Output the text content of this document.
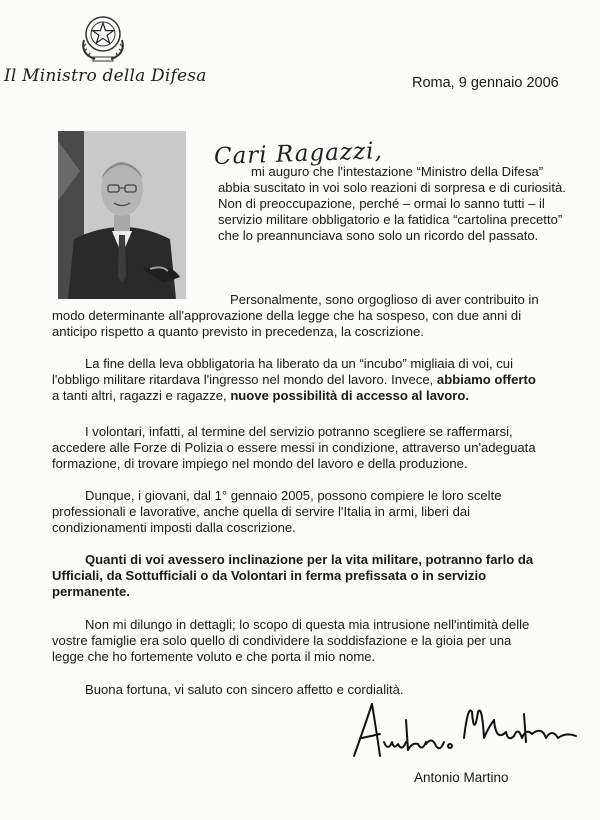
Il Ministro della Difesa	Roma, 9 gennaio 2006
Cari Ragazzi,

mi auguro che l'intestazione “Ministro della Difesa”

abbia suscitato in voi solo reazioni di sorpresa e di curiosità.

Non di preoccupazione, perché – ormai lo sanno tutti – il

servizio militare obbligatorio e la fatidica “cartolina precetto”

che lo preannunciava sono solo un ricordo del passato.

Personalmente, sono orgoglioso di aver contribuito in

modo determinante all'approvazione della legge che ha sospeso, con due anni di

anticipo rispetto a quanto previsto in precedenza, la coscrizione.

La fine della leva obbligatoria ha liberato da un “incubo” migliaia di voi, cui

l'obbligo militare ritardava l'ingresso nel mondo del lavoro. Invece, abbiamo offerto

a tanti altri, ragazzi e ragazze, nuove possibilità di accesso al lavoro.

I volontari, infatti, al termine del servizio potranno scegliere se raffermarsi,

accedere alle Forze di Polizia o essere messi in condizione, attraverso un'adeguata

formazione, di trovare impiego nel mondo del lavoro e della produzione.

Dunque, i giovani, dal 1° gennaio 2005, possono compiere le loro scelte

professionali e lavorative, anche quella di servire l'Italia in armi, liberi dai

condizionamenti imposti dalla coscrizione.

Quanti di voi avessero inclinazione per la vita militare, potranno farlo da

Ufficiali, da Sottufficiali o da Volontari in ferma prefissata o in servizio

permanente.

Non mi dilungo in dettagli; lo scopo di questa mia intrusione nell'intimità delle

vostre famiglie era solo quello di condividere la soddisfazione e la gioia per una

legge che ho fortemente voluto e che porta il mio nome.

Buona fortuna, vi saluto con sincero affetto e cordialità.

Antonio Martino
